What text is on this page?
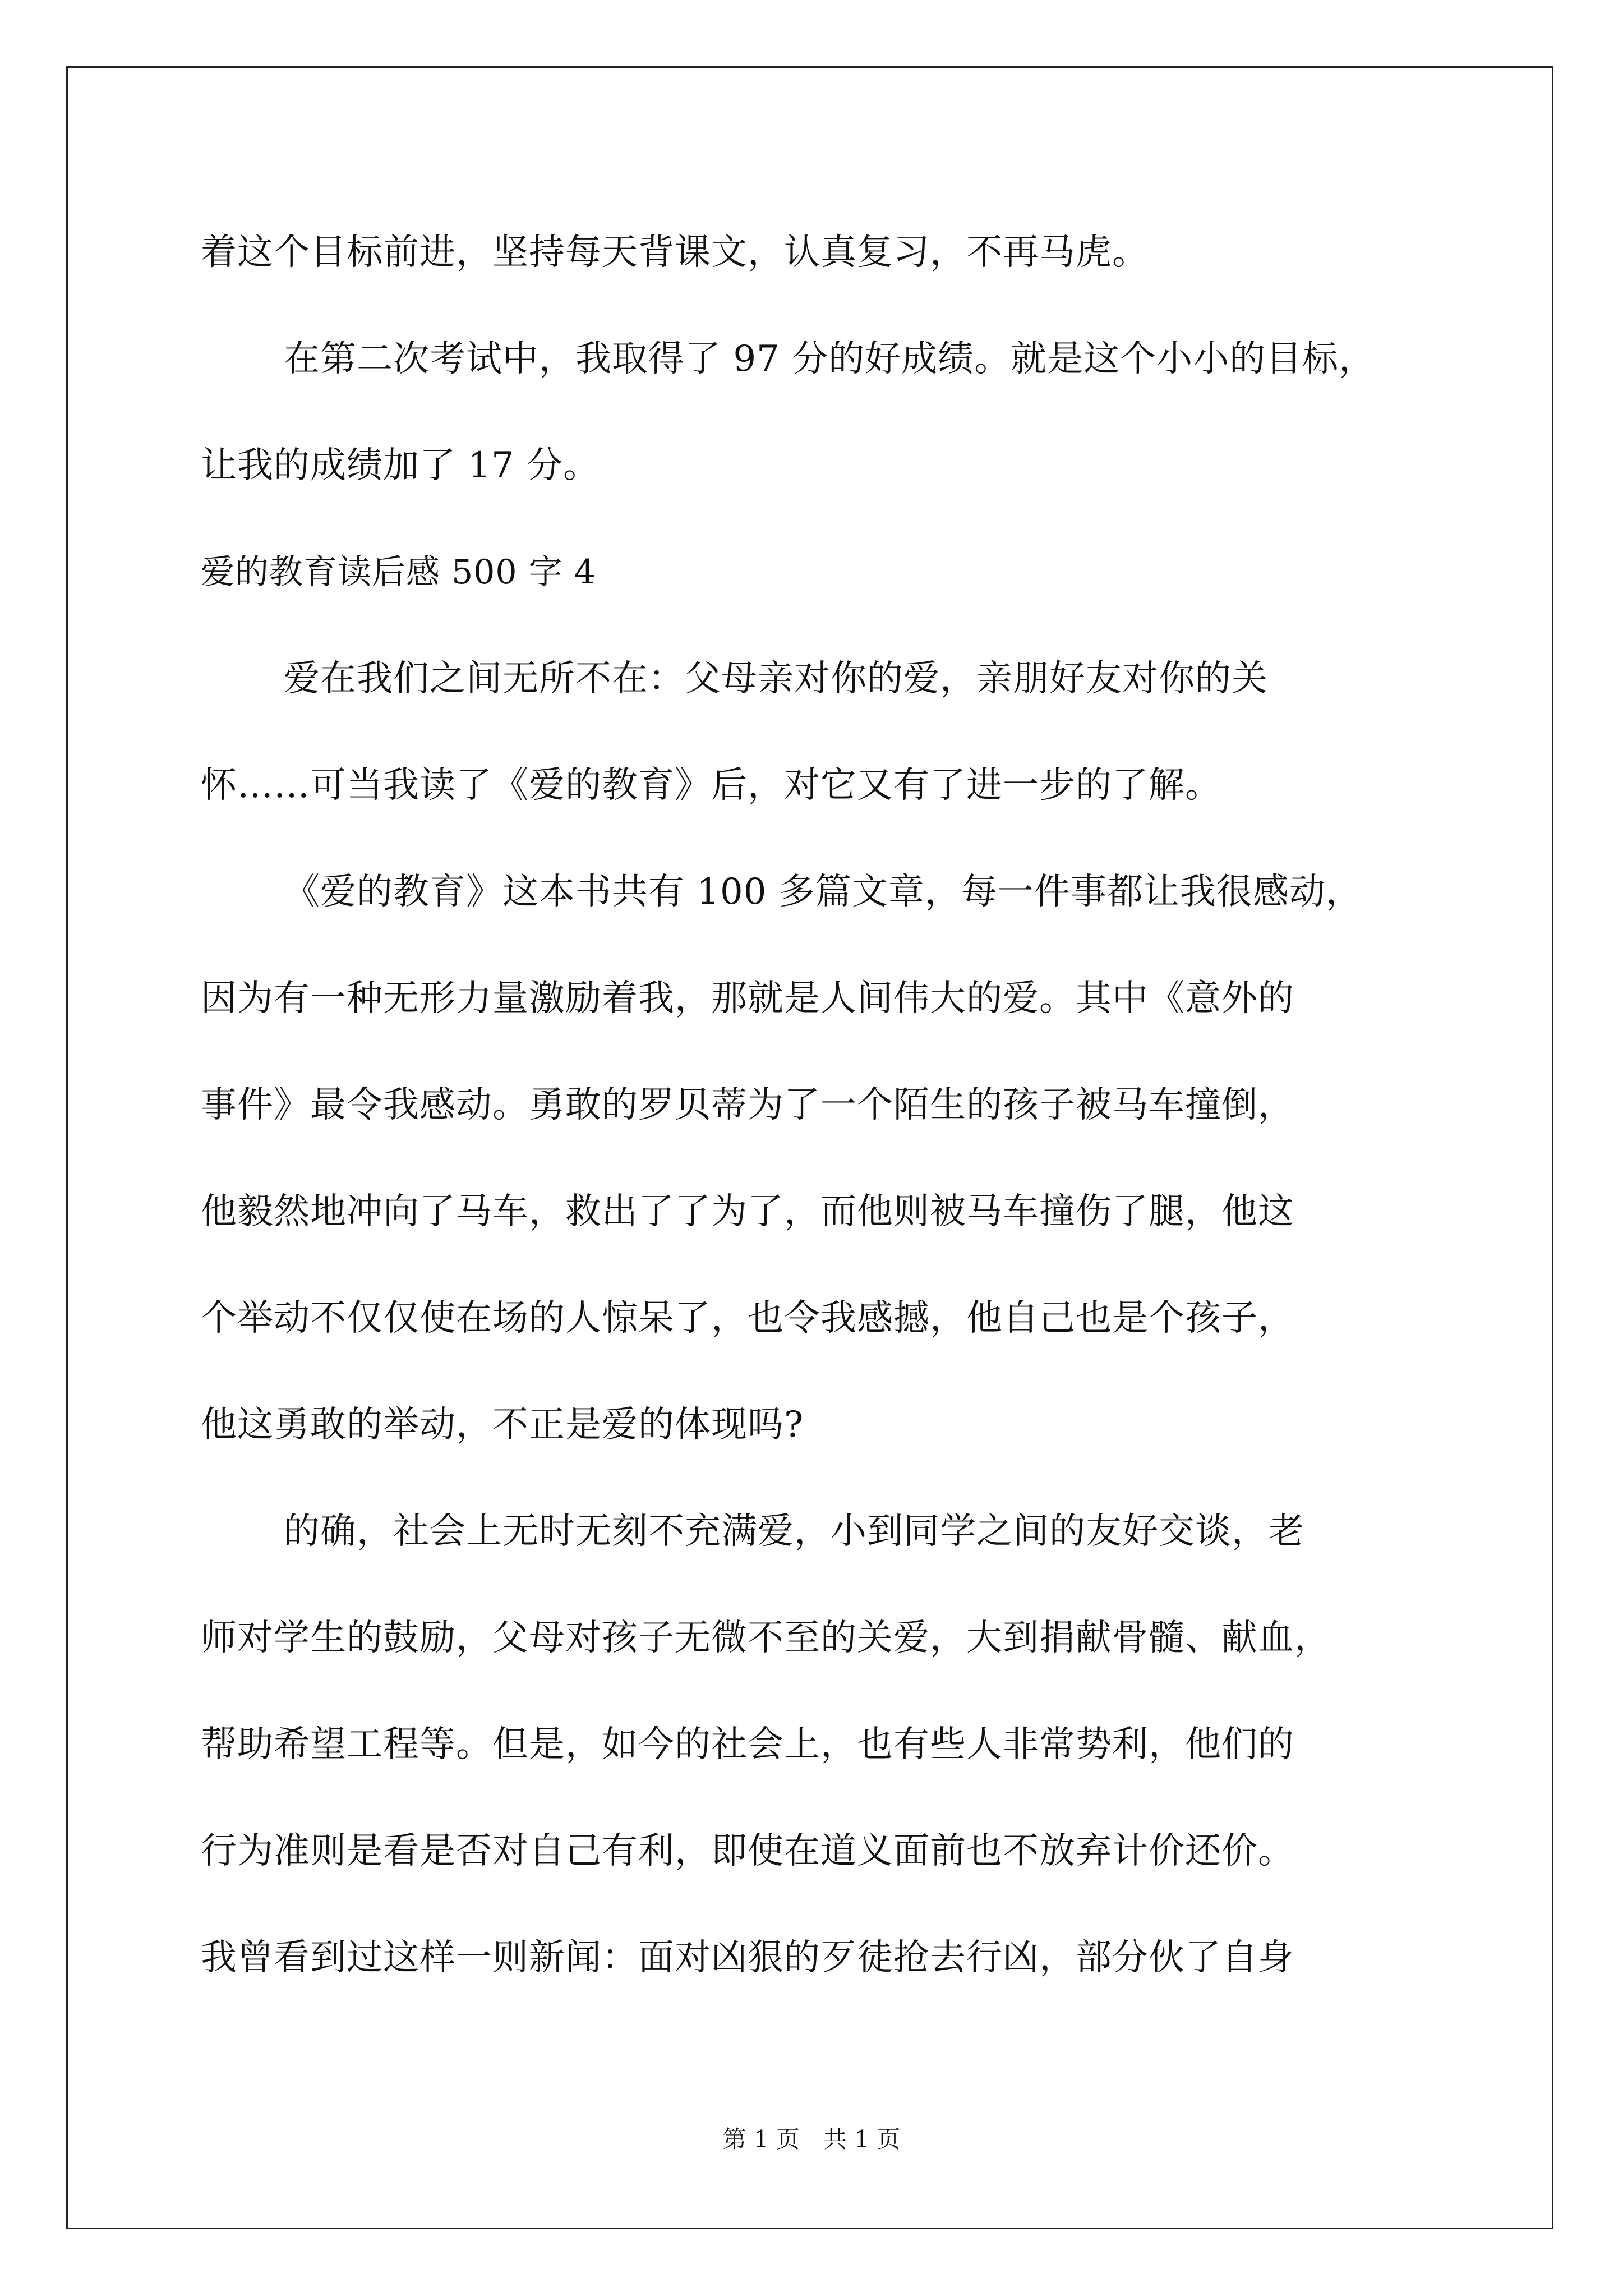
着这个目标前进，坚持每天背课文，认真复习，不再马虎。
在第二次考试中，我取得了 97 分的好成绩。就是这个小小的目标，
让我的成绩加了 17 分。
爱的教育读后感 500 字 4
爱在我们之间无所不在：父母亲对你的爱，亲朋好友对你的关
怀……可当我读了《爱的教育》后，对它又有了进一步的了解。
《爱的教育》这本书共有 100 多篇文章，每一件事都让我很感动，
因为有一种无形力量激励着我，那就是人间伟大的爱。其中《意外的
事件》最令我感动。勇敢的罗贝蒂为了一个陌生的孩子被马车撞倒，
他毅然地冲向了马车，救出了了为了，而他则被马车撞伤了腿，他这
个举动不仅仅使在场的人惊呆了，也令我感撼，他自己也是个孩子，
他这勇敢的举动，不正是爱的体现吗?
的确，社会上无时无刻不充满爱，小到同学之间的友好交谈，老
师对学生的鼓励，父母对孩子无微不至的关爱，大到捐献骨髓、献血，
帮助希望工程等。但是，如今的社会上，也有些人非常势利，他们的
行为准则是看是否对自己有利，即使在道义面前也不放弃计价还价。
我曾看到过这样一则新闻：面对凶狠的歹徒抢去行凶，部分伙了自身
第 1 页　共 1 页
